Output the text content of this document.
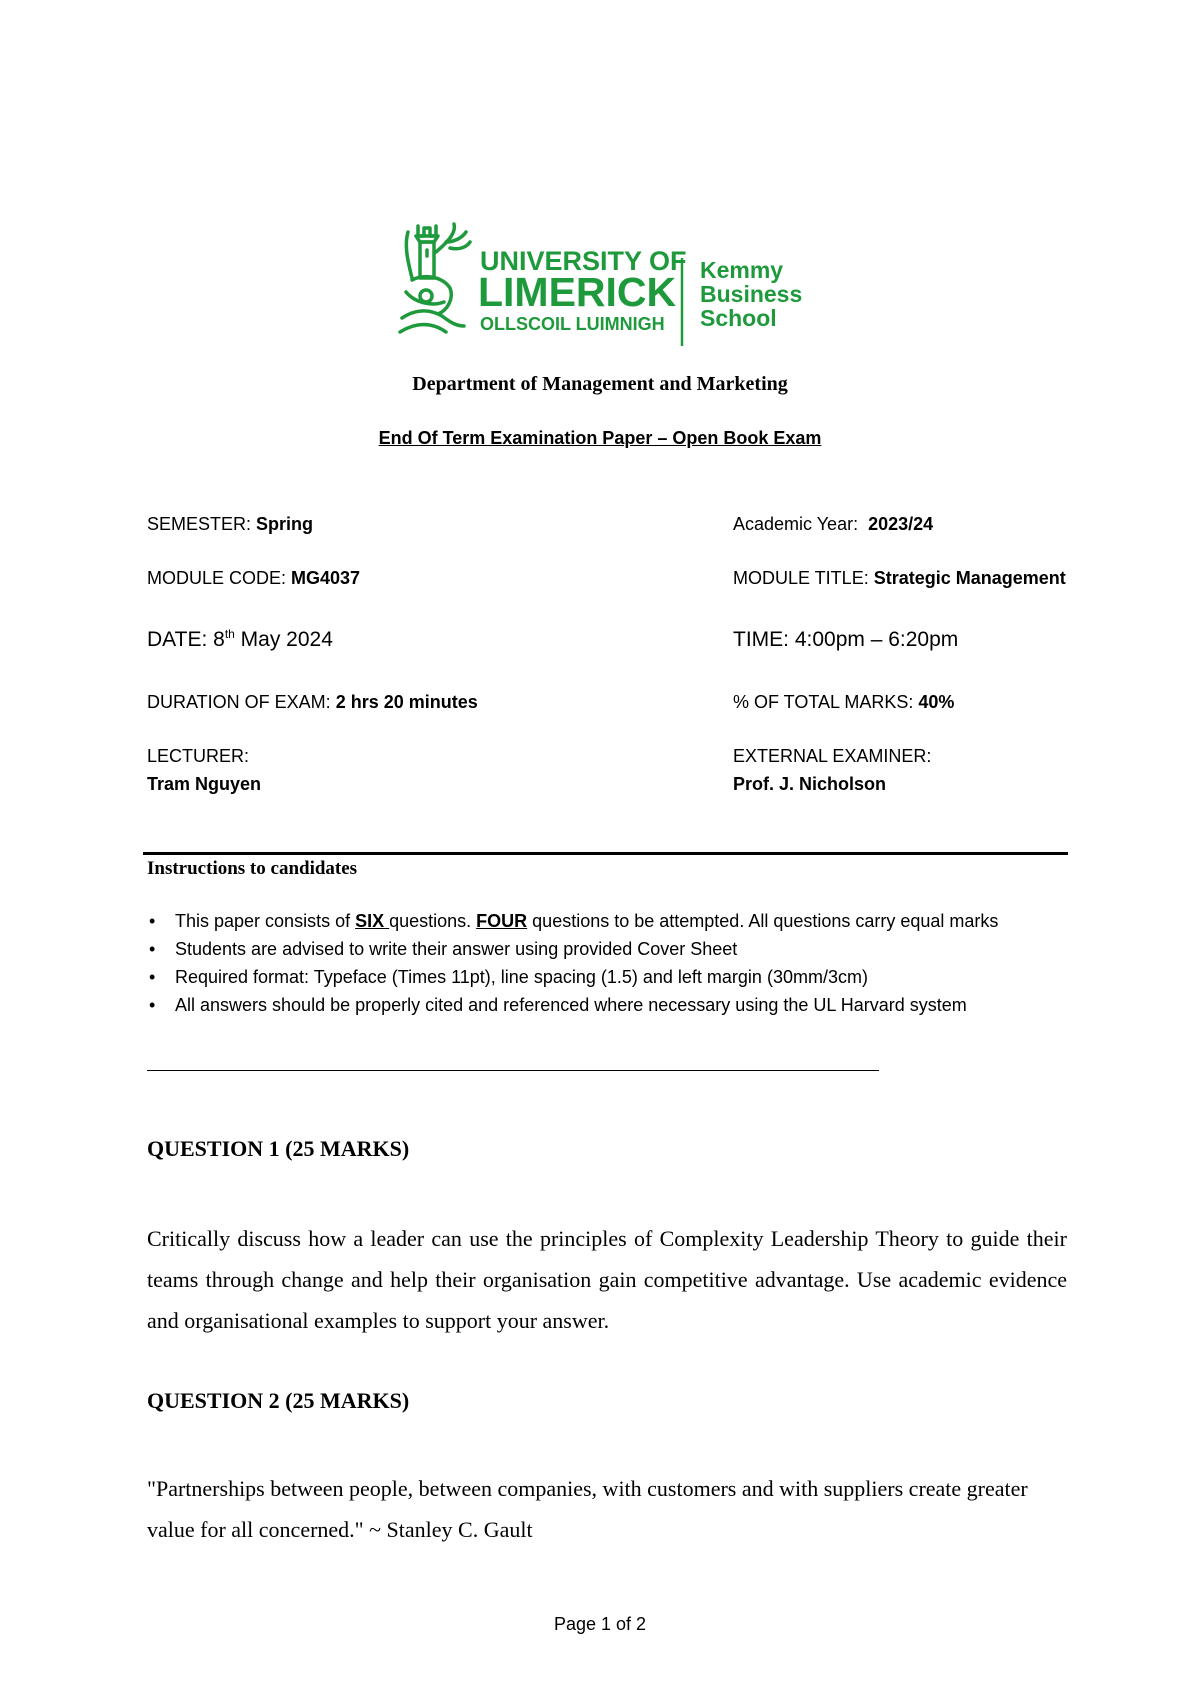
UNIVERSITY OF
LIMERICK
OLLSCOIL LUIMNIGH
Kemmy
Business
School
Department of Management and Marketing
End Of Term Examination Paper – Open Book Exam
SEMESTER: Spring	Academic Year:  2023/24
MODULE CODE: MG4037	MODULE TITLE: Strategic Management
DATE: 8th May 2024	TIME: 4:00pm – 6:20pm
DURATION OF EXAM: 2 hrs 20 minutes	% OF TOTAL MARKS: 40%
LECTURER:
Tram Nguyen
EXTERNAL EXAMINER:
Prof. J. Nicholson
Instructions to candidates
• This paper consists of SIX questions. FOUR questions to be attempted. All questions carry equal marks
• Students are advised to write their answer using provided Cover Sheet
• Required format: Typeface (Times 11pt), line spacing (1.5) and left margin (30mm/3cm)
• All answers should be properly cited and referenced where necessary using the UL Harvard system
QUESTION 1 (25 MARKS)
Critically discuss how a leader can use the principles of Complexity Leadership Theory to guide their teams through change and help their organisation gain competitive advantage. Use academic evidence and organisational examples to support your answer.
QUESTION 2 (25 MARKS)
"Partnerships between people, between companies, with customers and with suppliers create greater value for all concerned." ~ Stanley C. Gault
Page 1 of 2
